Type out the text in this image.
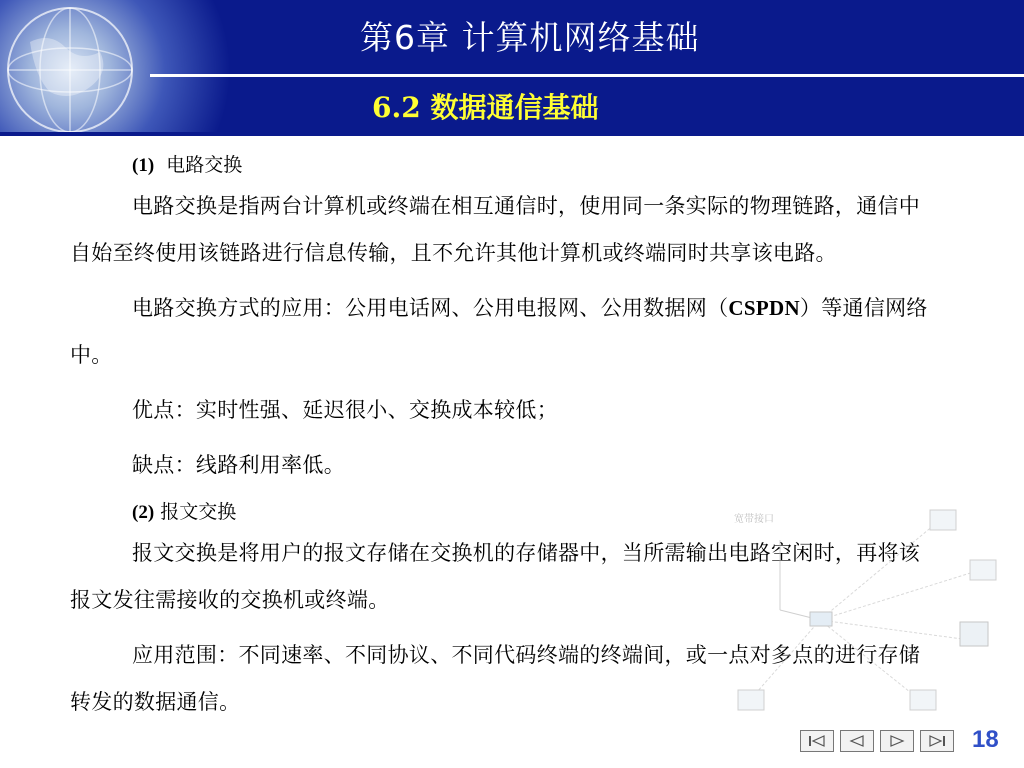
第6章 计算机网络基础
6.2 数据通信基础
(1) 电路交换

电路交换是指两台计算机或终端在相互通信时，使用同一条实际的物理链路，通信中自始至终使用该链路进行信息传输，且不允许其他计算机或终端同时共享该电路。

电路交换方式的应用：公用电话网、公用电报网、公用数据网（CSPDN）等通信网络中。

优点：实时性强、延迟很小、交换成本较低；

缺点：线路利用率低。

(2) 报文交换

报文交换是将用户的报文存储在交换机的存储器中，当所需输出电路空闲时，再将该报文发往需接收的交换机或终端。

应用范围：不同速率、不同协议、不同代码终端的终端间，或一点对多点的进行存储转发的数据通信。

宽带接口
18
